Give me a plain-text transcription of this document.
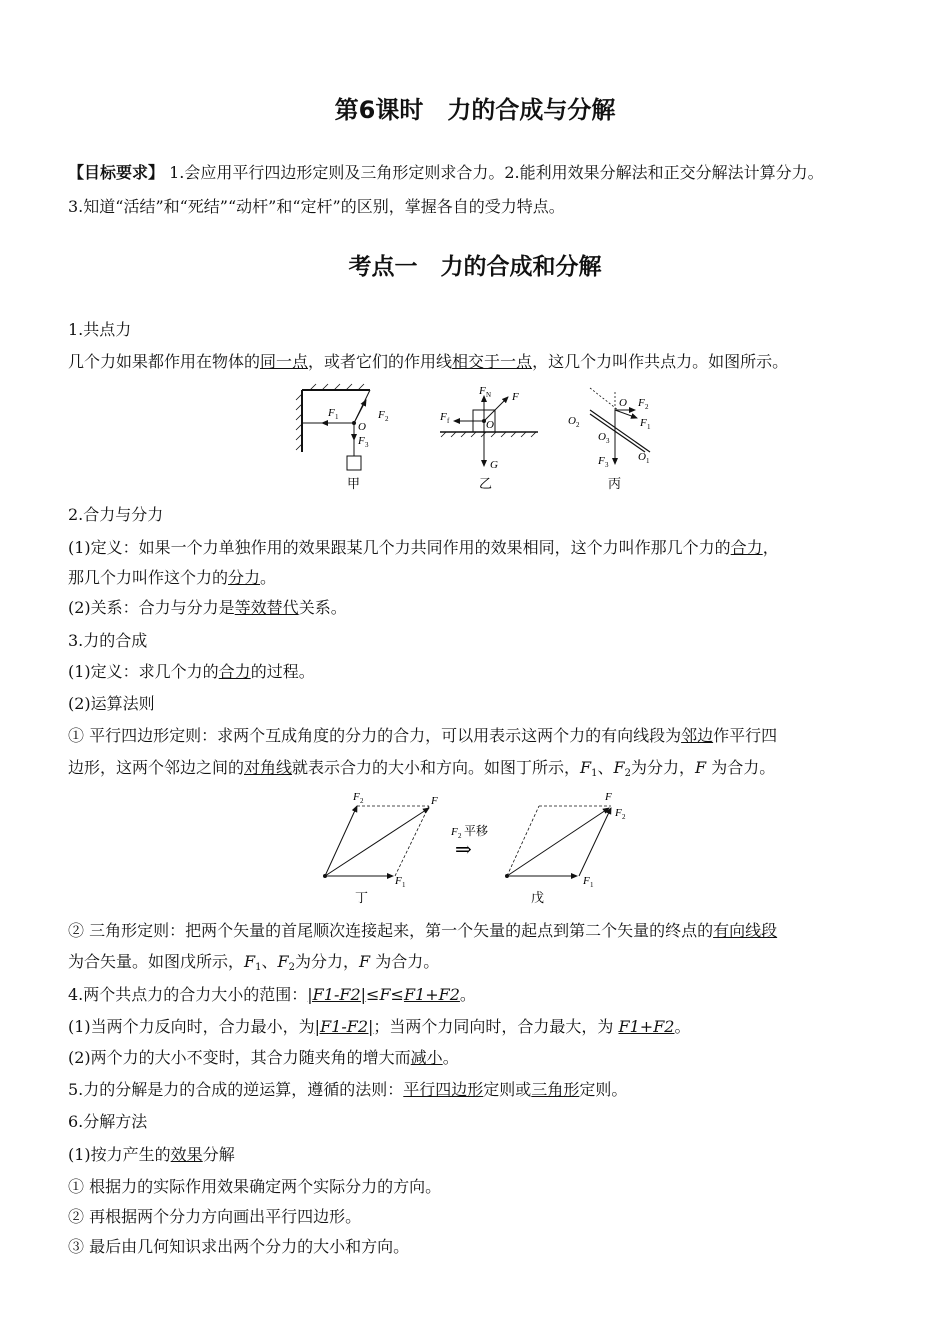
第6课时　力的合成与分解
【目标要求】 1.会应用平行四边形定则及三角形定则求合力。2.能利用效果分解法和正交分解法计算分力。
3.知道“活结”和“死结”“动杆”和“定杆”的区别，掌握各自的受力特点。
考点一　力的合成和分解
1.共点力
几个力如果都作用在物体的同一点，或者它们的作用线相交于一点，这几个力叫作共点力。如图所示。
F 1	F 2
O
F 3
甲
F N F
F f	O
G
乙
O F 2
F 1
O 2
O 3
O 1
F 3
丙
2.合力与分力
(1)定义：如果一个力单独作用的效果跟某几个力共同作用的效果相同，这个力叫作那几个力的合力，
那几个力叫作这个力的分力。
(2)关系：合力与分力是等效替代关系。
3.力的合成
(1)定义：求几个力的合力的过程。
(2)运算法则
① 平行四边形定则：求两个互成角度的分力的合力，可以用表示这两个力的有向线段为邻边作平行四
边形，这两个邻边之间的对角线就表示合力的大小和方向。如图丁所示，$F_1$、$F_2$为分力，F 为合力。
F 2	F
F 1
丁
F 2 平移
⇒
F
F 2
F 1
戊
② 三角形定则：把两个矢量的首尾顺次连接起来，第一个矢量的起点到第二个矢量的终点的有向线段
为合矢量。如图戊所示，$F_1$、$F_2$为分力，F 为合力。
4.两个共点力的合力大小的范围：|F1-F2|≤F≤F1+F2。
(1)当两个力反向时，合力最小，为|F1-F2|；当两个力同向时，合力最大，为 F1+F2。
(2)两个力的大小不变时，其合力随夹角的增大而减小。
5.力的分解是力的合成的逆运算，遵循的法则：平行四边形定则或三角形定则。
6.分解方法
(1)按力产生的效果分解
① 根据力的实际作用效果确定两个实际分力的方向。
② 再根据两个分力方向画出平行四边形。
③ 最后由几何知识求出两个分力的大小和方向。
